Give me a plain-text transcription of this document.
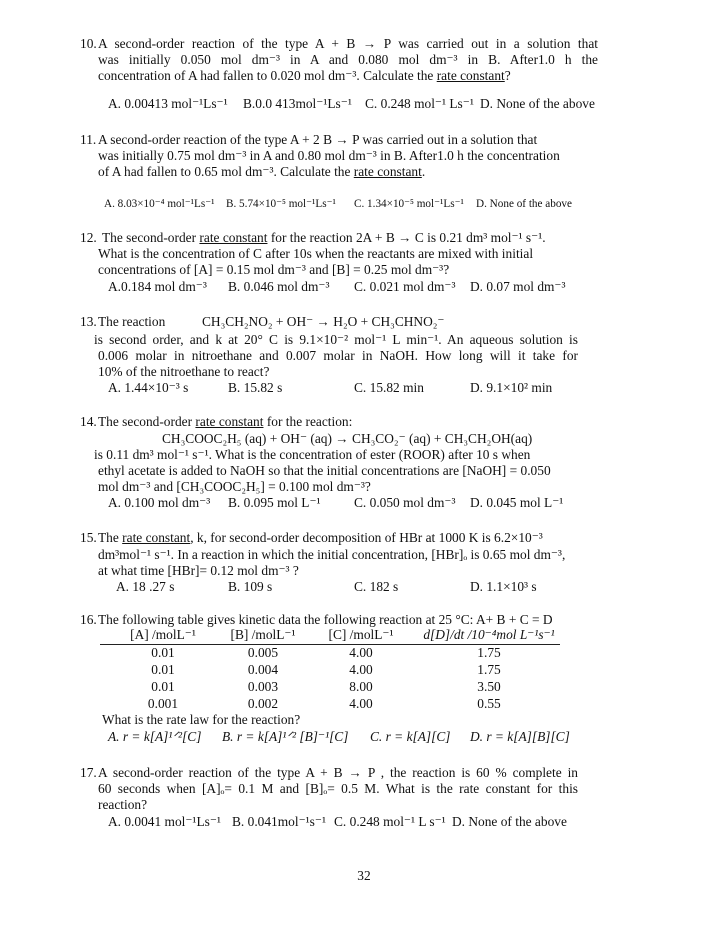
10. A second-order reaction of the type A + B → P was carried out in a solution that
was initially 0.050 mol dm⁻³ in A and 0.080 mol dm⁻³ in B. After1.0 h the
concentration of A had fallen to 0.020 mol dm⁻³. Calculate the rate constant?
A. 0.00413 mol⁻¹Ls⁻¹ B.0.0 413mol⁻¹Ls⁻¹ C. 0.248 mol⁻¹ Ls⁻¹ D. None of the above
11. A second-order reaction of the type A + 2 B → P was carried out in a solution that
was initially 0.75 mol dm⁻³ in A and 0.80 mol dm⁻³ in B. After1.0 h the concentration
of A had fallen to 0.65 mol dm⁻³. Calculate the rate constant.
A. 8.03×10⁻⁴ mol⁻¹Ls⁻¹ B. 5.74×10⁻⁵ mol⁻¹Ls⁻¹ C. 1.34×10⁻⁵ mol⁻¹Ls⁻¹ D. None of the above
12. The second-order rate constant for the reaction 2A + B → C is 0.21 dm³ mol⁻¹ s⁻¹.
What is the concentration of C after 10s when the reactants are mixed with initial
concentrations of [A] = 0.15 mol dm⁻³ and [B] = 0.25 mol dm⁻³?
A.0.184 mol dm⁻³ B. 0.046 mol dm⁻³ C. 0.021 mol dm⁻³ D. 0.07 mol dm⁻³
13. The reaction	CH₃CH₂NO₂ + OH⁻ → H₂O + CH₃CHNO₂⁻
is second order, and k at 20° C is 9.1×10⁻² mol⁻¹ L min⁻¹. An aqueous solution is
0.006 molar in nitroethane and 0.007 molar in NaOH. How long will it take for
10% of the nitroethane to react?
A. 1.44×10⁻³ s	B. 15.82 s	C. 15.82 min	D. 9.1×10² min
14. The second-order rate constant for the reaction:
CH₃COOC₂H₅ (aq) + OH⁻ (aq) → CH₃CO₂⁻ (aq) + CH₃CH₂OH(aq)
is 0.11 dm³ mol⁻¹ s⁻¹. What is the concentration of ester (ROOR) after 10 s when
ethyl acetate is added to NaOH so that the initial concentrations are [NaOH] = 0.050
mol dm⁻³ and [CH₃COOC₂H₅] = 0.100 mol dm⁻³?
A. 0.100 mol dm⁻³ B. 0.095 mol L⁻¹ C. 0.050 mol dm⁻³ D. 0.045 mol L⁻¹
15. The rate constant, k, for second-order decomposition of HBr at 1000 K is 6.2×10⁻³
dm³mol⁻¹ s⁻¹. In a reaction in which the initial concentration, [HBr]ₒ is 0.65 mol dm⁻³,
at what time [HBr]= 0.12 mol dm⁻³ ?
A. 18 .27 s	B. 109 s	C. 182 s	D. 1.1×10³ s
16. The following table gives kinetic data the following reaction at 25 °C: A+ B + C = D
[A] /molL⁻¹	[B] /molL⁻¹	[C] /molL⁻¹	d[D]/dt /10⁻⁴mol L⁻¹s⁻¹
0.01	0.005	4.00	1.75
0.01	0.004	4.00	1.75
0.01	0.003	8.00	3.50
0.001	0.002	4.00	0.55
What is the rate law for the reaction?
A. r = k[A]¹ᐟ²[C] B. r = k[A]¹ᐟ² [B]⁻¹[C] C. r = k[A][C] D. r = k[A][B][C]
17. A second-order reaction of the type A + B → P , the reaction is 60 % complete in
60 seconds when [A]ₒ= 0.1 M and [B]ₒ= 0.5 M. What is the rate constant for this
reaction?
A. 0.0041 mol⁻¹Ls⁻¹ B. 0.041mol⁻¹s⁻¹ C. 0.248 mol⁻¹ L s⁻¹ D. None of the above
32
